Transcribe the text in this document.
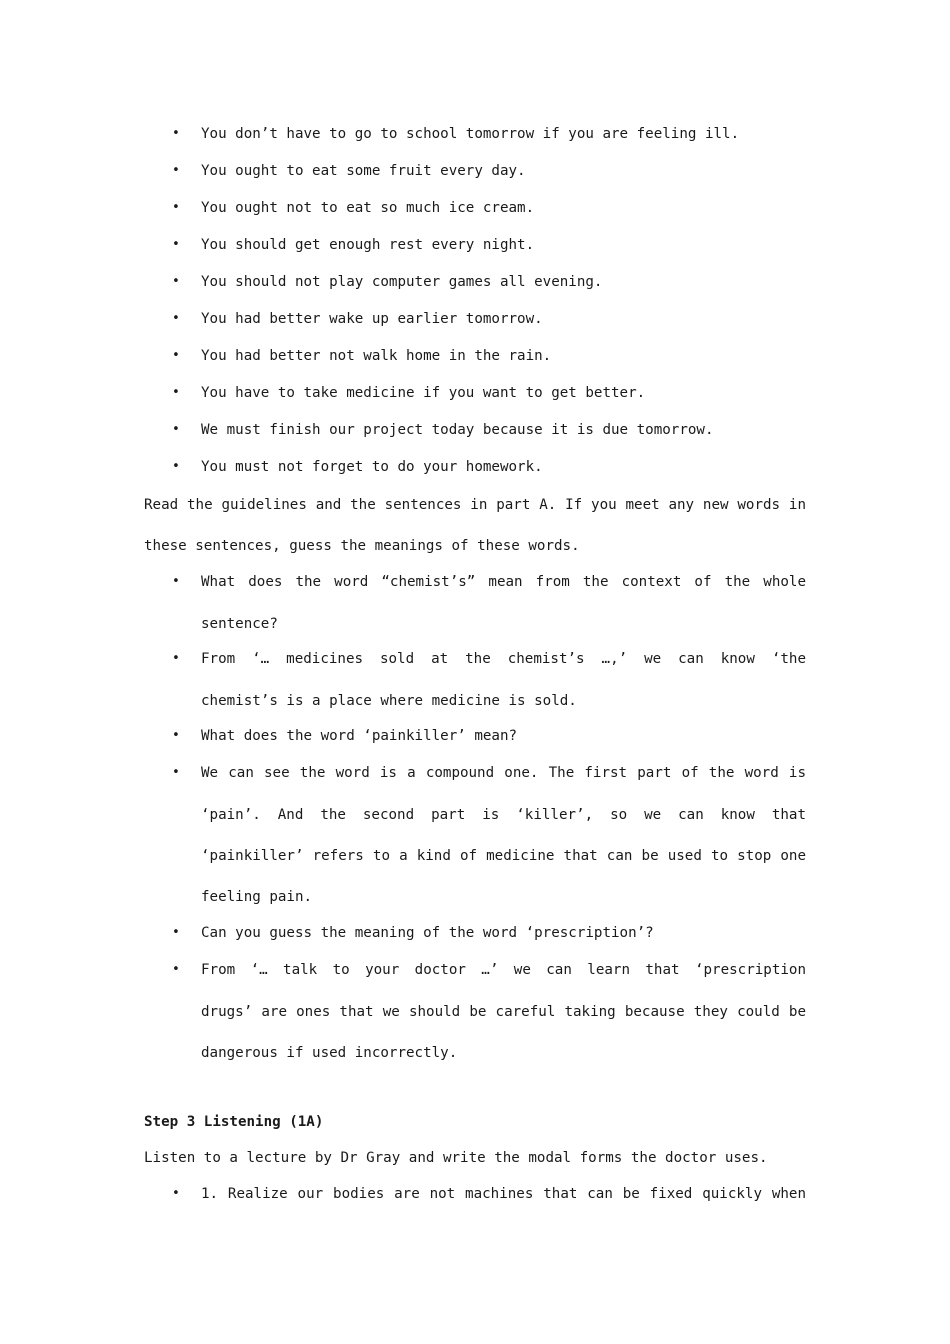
• You don’t have to go to school tomorrow if you are feeling ill.
• You ought to eat some fruit every day.
• You ought not to eat so much ice cream.
• You should get enough rest every night.
• You should not play computer games all evening.
• You had better wake up earlier tomorrow.
• You had better not walk home in the rain.
• You have to take medicine if you want to get better.
• We must finish our project today because it is due tomorrow.
• You must not forget to do your homework.
Read the guidelines and the sentences in part A. If you meet any new words in
these sentences, guess the meanings of these words.
• What does the word “chemist’s” mean from the context of the whole
sentence?
• From ‘… medicines sold at the chemist’s …,’ we can know ‘the
chemist’s is a place where medicine is sold.
• What does the word ‘painkiller’ mean?
• We can see the word is a compound one. The first part of the word is
‘pain’. And the second part is ‘killer’, so we can know that
‘painkiller’ refers to a kind of medicine that can be used to stop one
feeling pain.
• Can you guess the meaning of the word ‘prescription’?
• From ‘… talk to your doctor …’ we can learn that ‘prescription
drugs’ are ones that we should be careful taking because they could be
dangerous if used incorrectly.
Step 3 Listening (1A)
Listen to a lecture by Dr Gray and write the modal forms the doctor uses.
• 1. Realize our bodies are not machines that can be fixed quickly when
